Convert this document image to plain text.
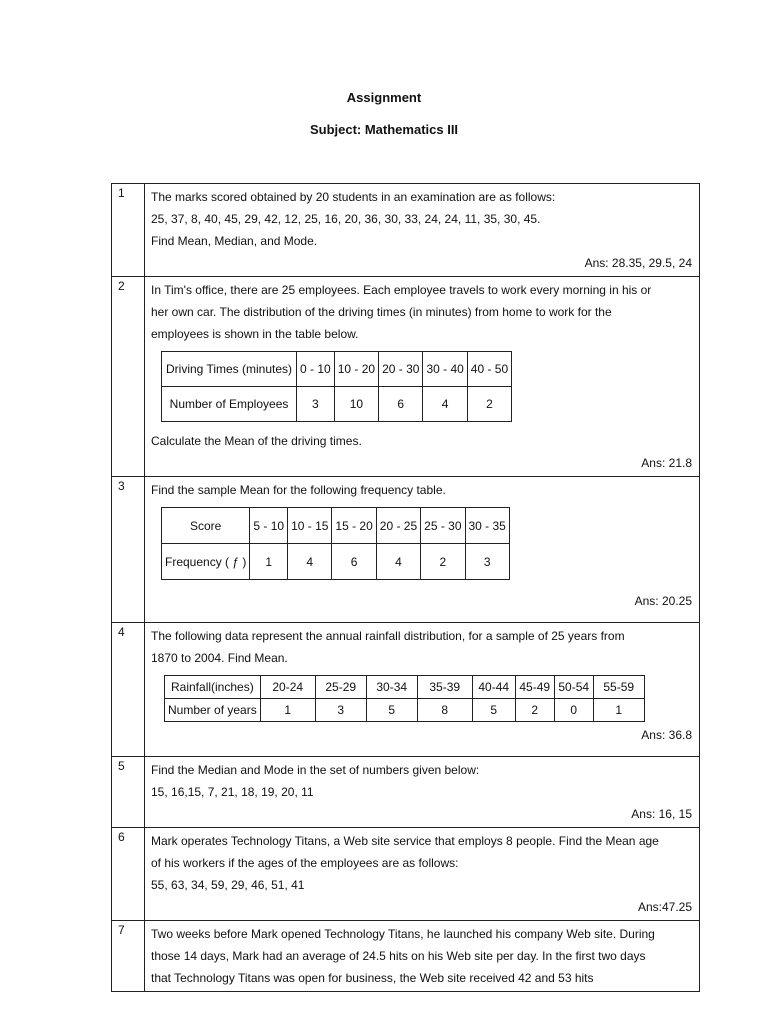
Assignment
Subject: Mathematics III
1	The marks scored obtained by 20 students in an examination are as follows:
25, 37, 8, 40, 45, 29, 42, 12, 25, 16, 20, 36, 30, 33, 24, 24, 11, 35, 30, 45.
Find Mean, Median, and Mode.
Ans: 28.35, 29.5, 24

2	In Tim's office, there are 25 employees. Each employee travels to work every morning in his or
her own car. The distribution of the driving times (in minutes) from home to work for the
employees is shown in the table below.
Driving Times (minutes)	0 - 10	10 - 20	20 - 30	30 - 40	40 - 50
Number of Employees	3	10	6	4	2
Calculate the Mean of the driving times.
Ans: 21.8

3	Find the sample Mean for the following frequency table.
Score	5 - 10	10 - 15	15 - 20	20 - 25	25 - 30	30 - 35
Frequency ( ƒ )	1	4	6	4	2	3
Ans: 20.25

4	The following data represent the annual rainfall distribution, for a sample of 25 years from
1870 to 2004. Find Mean.
Rainfall(inches)	20-24	25-29	30-34	35-39	40-44	45-49	50-54	55-59
Number of years	1	3	5	8	5	2	0	1
Ans: 36.8

5	Find the Median and Mode in the set of numbers given below:
15, 16,15, 7, 21, 18, 19, 20, 11
Ans: 16, 15

6	Mark operates Technology Titans, a Web site service that employs 8 people. Find the Mean age
of his workers if the ages of the employees are as follows:
55, 63, 34, 59, 29, 46, 51, 41
Ans:47.25

7	Two weeks before Mark opened Technology Titans, he launched his company Web site. During
those 14 days, Mark had an average of 24.5 hits on his Web site per day. In the first two days
that Technology Titans was open for business, the Web site received 42 and 53 hits
